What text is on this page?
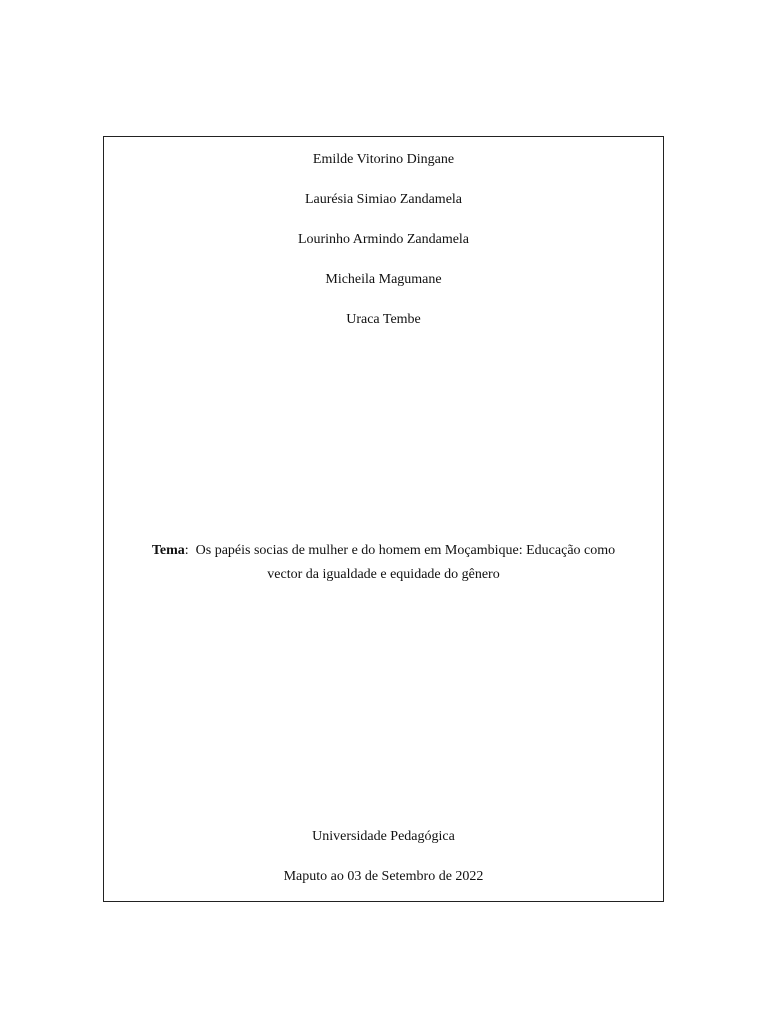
Emilde Vitorino Dingane
Laurésia Simiao Zandamela
Lourinho Armindo Zandamela
Micheila Magumane
Uraca Tembe
Tema: Os papéis socias de mulher e do homem em Moçambique: Educação como
vector da igualdade e equidade do gênero
Universidade Pedagógica
Maputo ao 03 de Setembro de 2022
